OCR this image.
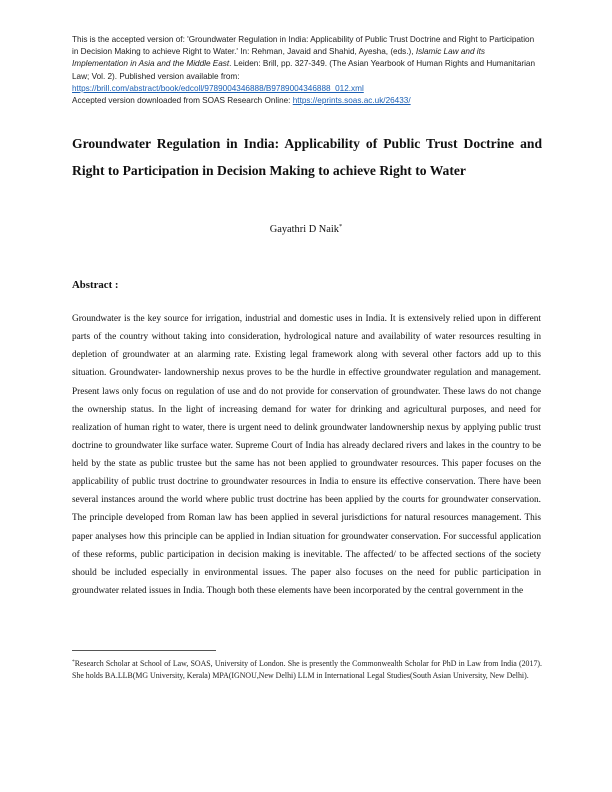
This is the accepted version of: 'Groundwater Regulation in India: Applicability of Public Trust Doctrine and Right to Participation in Decision Making to achieve Right to Water.' In: Rehman, Javaid and Shahid, Ayesha, (eds.), Islamic Law and its Implementation in Asia and the Middle East. Leiden: Brill, pp. 327-349. (The Asian Yearbook of Human Rights and Humanitarian Law; Vol. 2). Published version available from:
https://brill.com/abstract/book/edcoll/9789004346888/B9789004346888_012.xml
Accepted version downloaded from SOAS Research Online: https://eprints.soas.ac.uk/26433/
Groundwater Regulation in India: Applicability of Public Trust Doctrine and Right to Participation in Decision Making to achieve Right to Water
Gayathri D Naik*
Abstract :

Groundwater is the key source for irrigation, industrial and domestic uses in India. It is extensively relied upon in different parts of the country without taking into consideration, hydrological nature and availability of water resources resulting in depletion of groundwater at an alarming rate. Existing legal framework along with several other factors add up to this situation. Groundwater- landownership nexus proves to be the hurdle in effective groundwater regulation and management. Present laws only focus on regulation of use and do not provide for conservation of groundwater. These laws do not change the ownership status. In the light of increasing demand for water for drinking and agricultural purposes, and need for realization of human right to water, there is urgent need to delink groundwater landownership nexus by applying public trust doctrine to groundwater like surface water. Supreme Court of India has already declared rivers and lakes in the country to be held by the state as public trustee but the same has not been applied to groundwater resources. This paper focuses on the applicability of public trust doctrine to groundwater resources in India to ensure its effective conservation. There have been several instances around the world where public trust doctrine has been applied by the courts for groundwater conservation. The principle developed from Roman law has been applied in several jurisdictions for natural resources management. This paper analyses how this principle can be applied in Indian situation for groundwater conservation. For successful application of these reforms, public participation in decision making is inevitable. The affected/ to be affected sections of the society should be included especially in environmental issues. The paper also focuses on the need for public participation in groundwater related issues in India. Though both these elements have been incorporated by the central government in the

*Research Scholar at School of Law, SOAS, University of London. She is presently the Commonwealth Scholar for PhD in Law from India (2017). She holds BA.LLB(MG University, Kerala) MPA(IGNOU,New Delhi) LLM in International Legal Studies(South Asian University, New Delhi).
